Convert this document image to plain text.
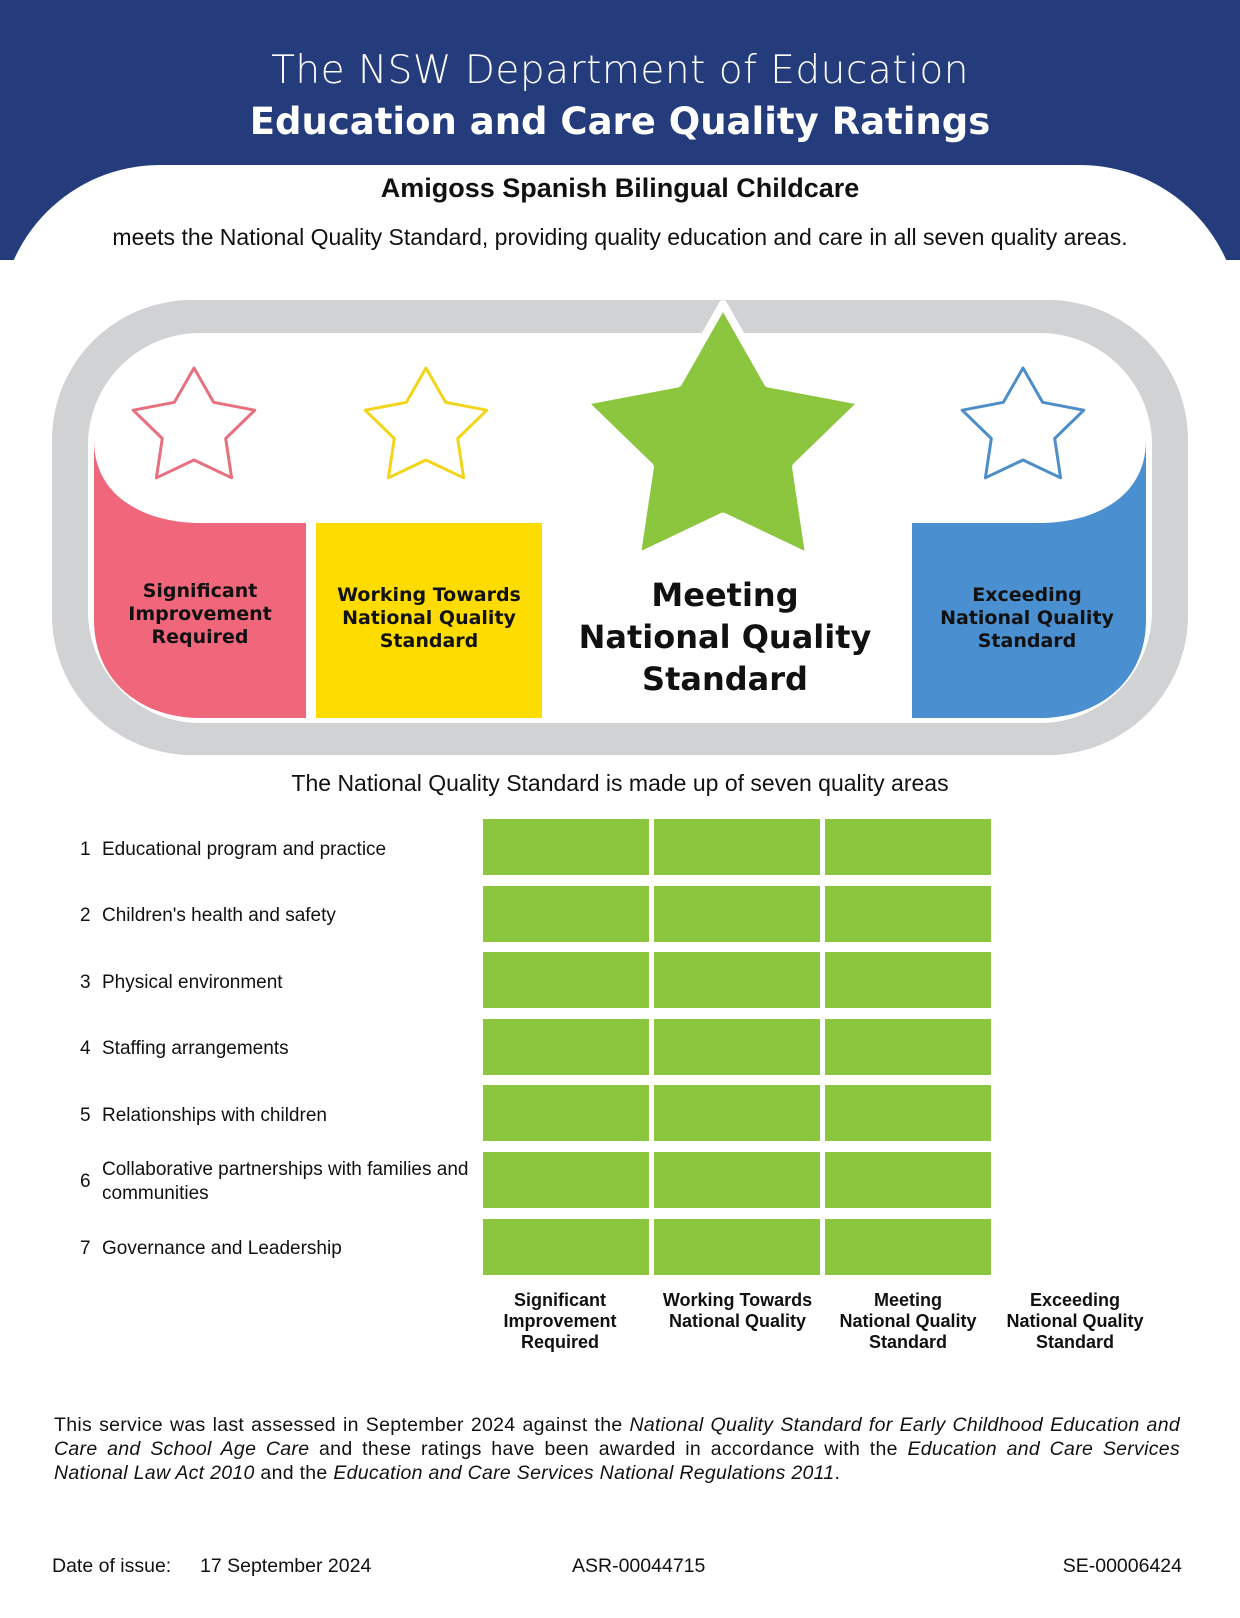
The NSW Department of Education
Education and Care Quality Ratings
Amigoss Spanish Bilingual Childcare
meets the National Quality Standard, providing quality education and care in all seven quality areas.
Significant
Improvement
Required
Working Towards
National Quality
Standard
Meeting
National Quality
Standard
Exceeding
National Quality
Standard
The National Quality Standard is made up of seven quality areas
1 Educational program and practice
2 Children's health and safety
3 Physical environment
4 Staffing arrangements
5 Relationships with children
6
Collaborative partnerships with families and communities
7 Governance and Leadership
Significant
Improvement
Required
Working Towards
National Quality
Meeting
National Quality
Standard
Exceeding
National Quality
Standard
This service was last assessed in September 2024 against the National Quality Standard for Early Childhood Education and Care and School Age Care and these ratings have been awarded in accordance with the Education and Care Services National Law Act 2010 and the Education and Care Services National Regulations 2011.
Date of issue: 17 September 2024	ASR-00044715	SE-00006424
